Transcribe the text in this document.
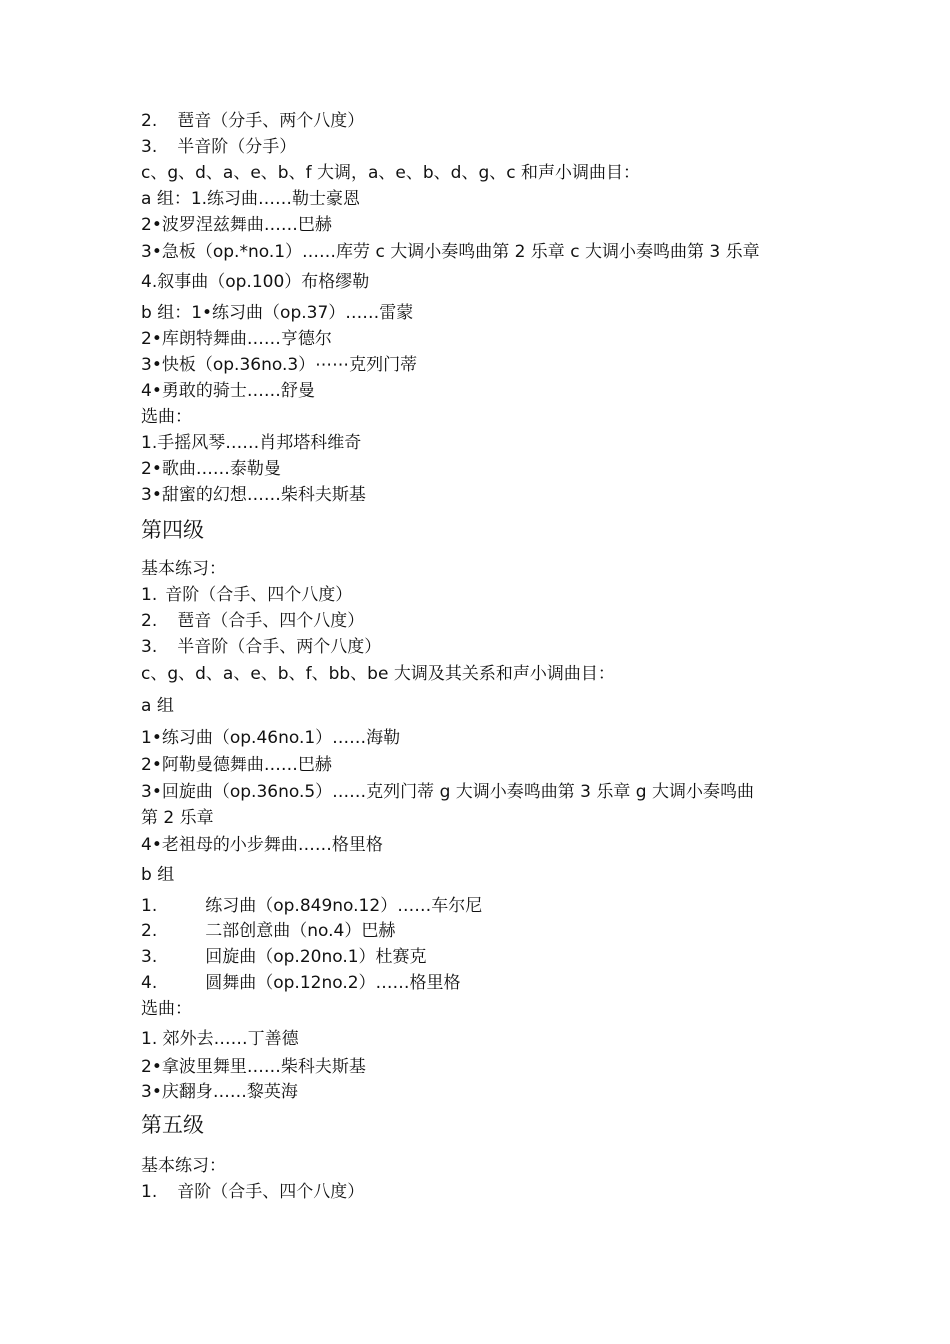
2. 琶音（分手、两个八度）
3. 半音阶（分手）
c、g、d、a、e、b、f 大调，a、e、b、d、g、c 和声小调曲目：
a 组：1.练习曲……勒士豪恩
2•波罗涅兹舞曲……巴赫
3•急板（op.*no.1）……库劳 c 大调小奏鸣曲第 2 乐章 c 大调小奏鸣曲第 3 乐章
4.叙事曲（op.100）布格缪勒
b 组：1•练习曲（op.37）……雷蒙
2•库朗特舞曲……亨德尔
3•快板（op.36no.3）⋯⋯克列门蒂
4•勇敢的骑士……舒曼
选曲：
1.手摇风琴……肖邦塔科维奇
2•歌曲……泰勒曼
3•甜蜜的幻想……柴科夫斯基
第四级
基本练习：
1. 音阶（合手、四个八度）
2. 琶音（合手、四个八度）
3. 半音阶（合手、两个八度）
c、g、d、a、e、b、f、bb、be 大调及其关系和声小调曲目：
a 组
1•练习曲（op.46no.1）……海勒
2•阿勒曼德舞曲……巴赫
3•回旋曲（op.36no.5）……克列门蒂 g 大调小奏鸣曲第 3 乐章 g 大调小奏鸣曲
第 2 乐章
4•老祖母的小步舞曲……格里格
b 组
1.	练习曲（op.849no.12）……车尔尼
2.	二部创意曲（no.4）巴赫
3.	回旋曲（op.20no.1）杜赛克
4.	圆舞曲（op.12no.2）……格里格
选曲：
1. 郊外去……丁善德
2•拿波里舞里……柴科夫斯基
3•庆翻身……黎英海
第五级
基本练习：
1. 音阶（合手、四个八度）
